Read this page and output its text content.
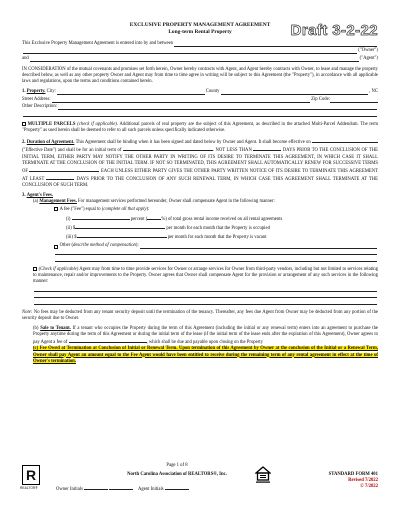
Draft 3-2-22
EXCLUSIVE PROPERTY MANAGEMENT AGREEMENT
Long-term Rental Property
This Exclusive Property Management Agreement is entered into by and between
("Owner")
and	("Agent")

IN CONSIDERATION of the mutual covenants and promises set forth herein, Owner hereby contracts with Agent, and Agent hereby contracts with Owner, to lease and manage the property described below, as well as any other property Owner and Agent may from time to time agree in writing will be subject to this Agreement (the "Property"), in accordance with all applicable laws and regulations, upon the terms and conditions contained herein.

1.
Property.
City:	County	, NC
Street Address:	Zip Code:
Other Description:

MULTIPLE PARCELS (check if applicable). Additional parcels of real property are the subject of this Agreement, as described in the attached Multi-Parcel Addendum. The term "Property" as used herein shall be deemed to refer to all such parcels unless specifically indicated otherwise.

2. Duration of Agreement. This Agreement shall be binding when it has been signed and dated below by Owner and Agent. It shall become effective on  ("Effective Date") and shall be for an initial term of	. NOT LESS THAN	DAYS PRIOR TO THE CONCLUSION OF THE INITIAL TERM, EITHER PARTY MAY NOTIFY THE OTHER PARTY IN WRITING OF ITS DESIRE TO TERMINATE THIS AGREEMENT, IN WHICH CASE IT SHALL TERMINATE AT THE CONCLUSION OF THE INITIAL TERM. IF NOT SO TERMINATED, THIS AGREEMENT SHALL AUTOMATICALLY RENEW FOR SUCCESSIVE TERMS OF	EACH UNLESS EITHER PARTY GIVES THE OTHER PARTY WRITTEN NOTICE OF ITS DESIRE TO TERMINATE THIS AGREEMENT AT LEAST	DAYS PRIOR TO THE CONCLUSION OF ANY SUCH RENEWAL TERM, IN WHICH CASE THIS AGREEMENT SHALL TERMINATE AT THE CONCLUSION OF SUCH TERM.

3. Agent's Fees.

(a) Management Fees. For management services performed hereunder, Owner shall compensate Agent in the following manner:

A fee ("Fee") equal to (complete all that apply):
(i)	percent (	%) of total gross rental income received on all rental agreements
(ii) $	per month for each month that the Property is occupied
(iii) $	per month for each month that the Property is vacant
Other ( describe method of compensation ):

(Check if applicable) Agent may from time to time provide services for Owner or arrange services for Owner from third-party vendors, including but not limited to services relating to maintenance, repair and/or improvements to the Property. Owner agrees that Owner shall compensate Agent for the provision or arrangement of any such services in the following manner:

Note: No fees may be deducted from any tenant security deposit until the termination of the tenancy. Thereafter, any fees due Agent from Owner may be deducted from any portion of the security deposit due to Owner.

(b) Sale to Tenant. If a tenant who occupies the Property during the term of this Agreement (including the initial or any renewal term) enters into an agreement to purchase the Property anytime during the term of this Agreement or during the initial term of the lease (if the initial term of the lease ends after the expiration of this Agreement), Owner agrees to pay Agent a fee of	, which shall be due and payable upon closing on the Property

(c) Fee Owed at Termination at Conclusion of Initial or Renewal Term. Upon termination of this Agreement by Owner at the conclusion of the Initial or a Renewal Term, Owner shall pay Agent an amount equal to the Fee Agent would have been entitled to receive during the remaining term of any rental agreement in effect at the time of Owner's termination.

R
REALTOR®
Page 1 of 8
North Carolina Association of REALTORS®, Inc.
Owner Initials	Agent Initials
STANDARD FORM 401
Revised 7/2022
© 7/2022
